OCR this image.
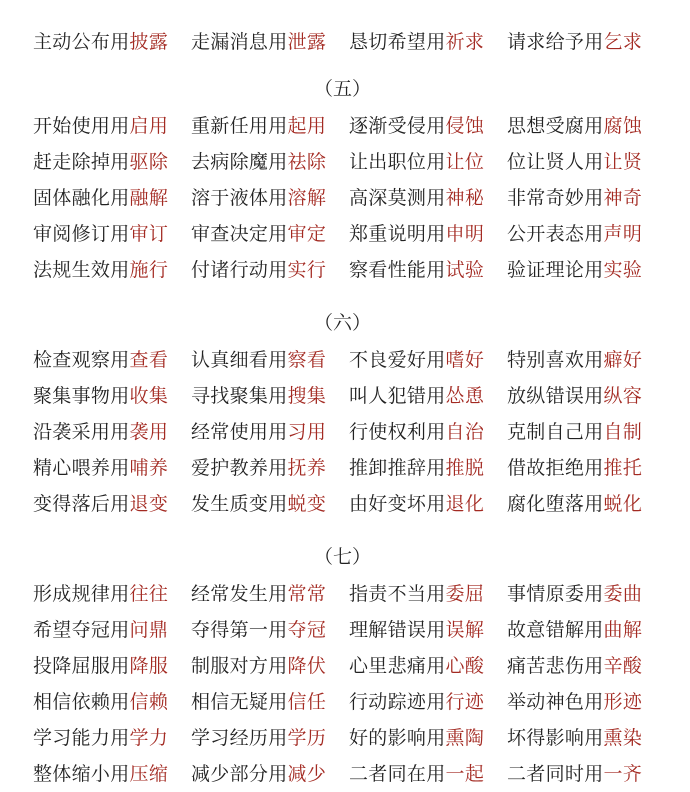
主动公布用披露	走漏消息用泄露	恳切希望用祈求	请求给予用乞求
（五）
开始使用用启用	重新任用用起用	逐渐受侵用侵蚀	思想受腐用腐蚀
赶走除掉用驱除	去病除魔用祛除	让出职位用让位	位让贤人用让贤
固体融化用融解	溶于液体用溶解	高深莫测用神秘	非常奇妙用神奇
审阅修订用审订	审查决定用审定	郑重说明用申明	公开表态用声明
法规生效用施行	付诸行动用实行	察看性能用试验	验证理论用实验
（六）
检查观察用查看	认真细看用察看	不良爱好用嗜好	特别喜欢用癖好
聚集事物用收集	寻找聚集用搜集	叫人犯错用怂恿	放纵错误用纵容
沿袭采用用袭用	经常使用用习用	行使权利用自治	克制自己用自制
精心喂养用哺养	爱护教养用抚养	推卸推辞用推脱	借故拒绝用推托
变得落后用退变	发生质变用蜕变	由好变坏用退化	腐化堕落用蜕化
（七）
形成规律用往往	经常发生用常常	指责不当用委屈	事情原委用委曲
希望夺冠用问鼎	夺得第一用夺冠	理解错误用误解	故意错解用曲解
投降屈服用降服	制服对方用降伏	心里悲痛用心酸	痛苦悲伤用辛酸
相信依赖用信赖	相信无疑用信任	行动踪迹用行迹	举动神色用形迹
学习能力用学力	学习经历用学历	好的影响用熏陶	坏得影响用熏染
整体缩小用压缩	减少部分用减少	二者同在用一起	二者同时用一齐
